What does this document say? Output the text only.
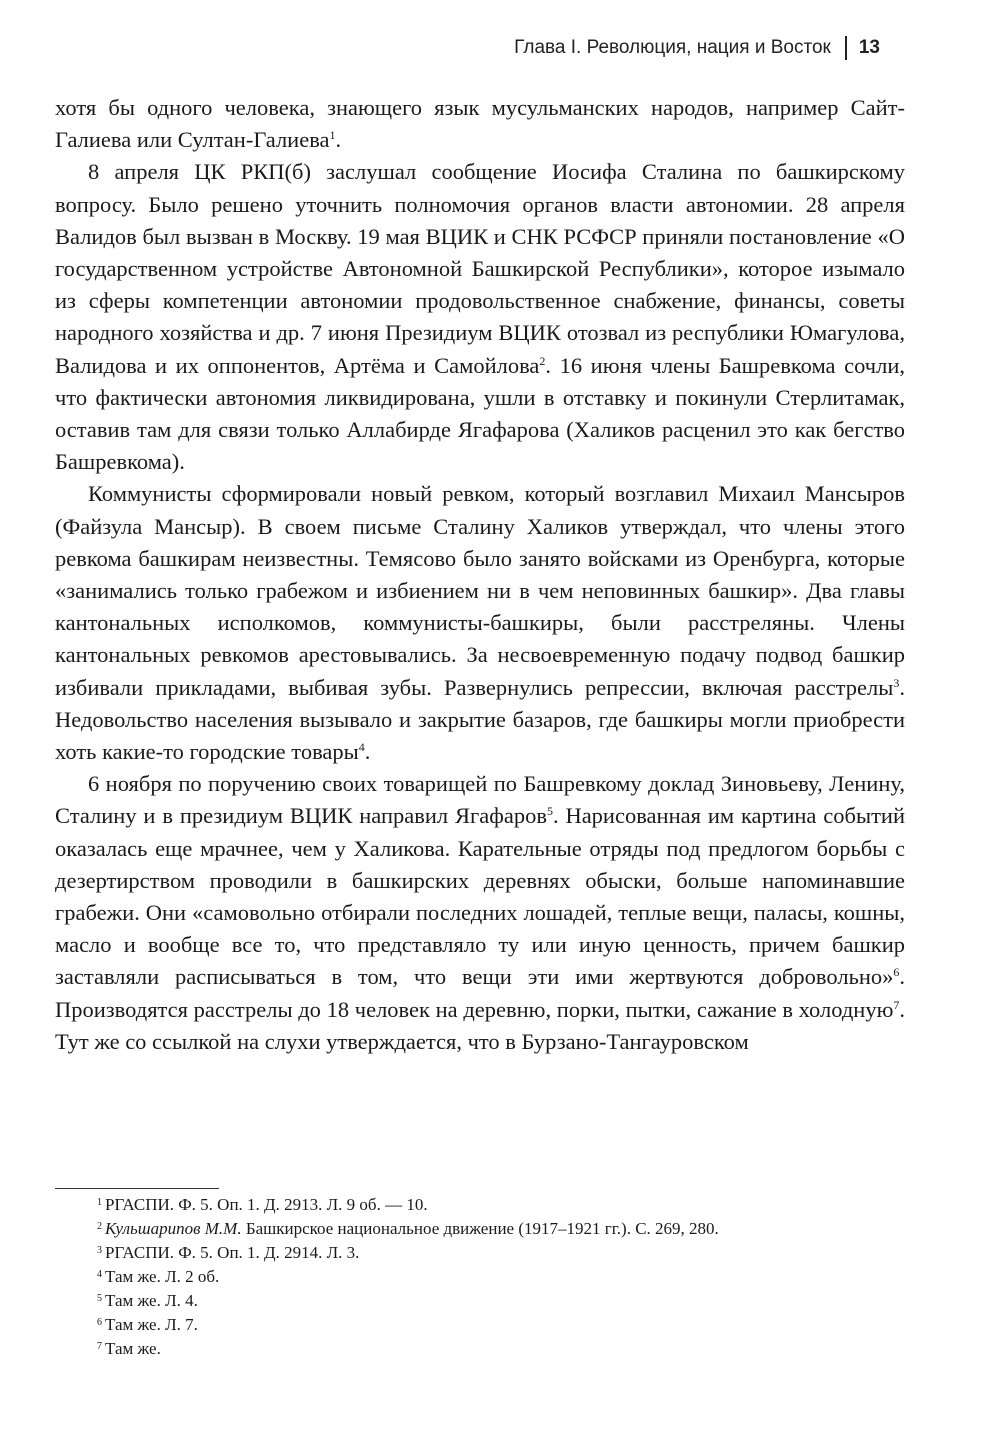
Глава I. Революция, нация и Восток 13

хотя бы одного человека, знающего язык мусульманских народов, например Сайт-Галиева или Султан-Галиева$^1$.

8 апреля ЦК РКП(б) заслушал сообщение Иосифа Сталина по башкирскому вопросу. Было решено уточнить полномочия органов власти автономии. 28 апреля Валидов был вызван в Москву. 19 мая ВЦИК и СНК РСФСР приняли постановление «О государственном устройстве Автономной Башкирской Республики», которое изымало из сферы компетенции автономии продовольственное снабжение, финансы, советы народного хозяйства и др. 7 июня Президиум ВЦИК отозвал из республики Юмагулова, Валидова и их оппонентов, Артёма и Самойлова$^2$. 16 июня члены Башревкома сочли, что фактически автономия ликвидирована, ушли в отставку и покинули Стерлитамак, оставив там для связи только Аллабирде Ягафарова (Халиков расценил это как бегство Башревкома).

Коммунисты сформировали новый ревком, который возглавил Михаил Мансыров (Файзула Мансыр). В своем письме Сталину Халиков утверждал, что члены этого ревкома башкирам неизвестны. Темясово было занято войсками из Оренбурга, которые «занимались только грабежом и избиением ни в чем неповинных башкир». Два главы кантональных исполкомов, коммунисты-башкиры, были расстреляны. Члены кантональных ревкомов арестовывались. За несвоевременную подачу подвод башкир избивали прикладами, выбивая зубы. Развернулись репрессии, включая расстрелы$^3$. Недовольство населения вызывало и закрытие базаров, где башкиры могли приобрести хоть какие-то городские товары$^4$.

6 ноября по поручению своих товарищей по Башревкому доклад Зиновьеву, Ленину, Сталину и в президиум ВЦИК направил Ягафаров$^5$. Нарисованная им картина событий оказалась еще мрачнее, чем у Халикова. Карательные отряды под предлогом борьбы с дезертирством проводили в башкирских деревнях обыски, больше напоминавшие грабежи. Они «самовольно отбирали последних лошадей, теплые вещи, паласы, кошны, масло и вообще все то, что представляло ту или иную ценность, причем башкир заставляли расписываться в том, что вещи эти ими жертвуются добровольно»$^6$. Производятся расстрелы до 18 человек на деревню, порки, пытки, сажание в холодную$^7$. Тут же со ссылкой на слухи утверждается, что в Бурзано-Тангауровском

$^1$ РГАСПИ. Ф. 5. Оп. 1. Д. 2913. Л. 9 об. — 10.
$^2$ Кульшарипов М.М. Башкирское национальное движение (1917–1921 гг.). С. 269, 280.
$^3$ РГАСПИ. Ф. 5. Оп. 1. Д. 2914. Л. 3.
$^4$ Там же. Л. 2 об.
$^5$ Там же. Л. 4.
$^6$ Там же. Л. 7.
$^7$ Там же.
